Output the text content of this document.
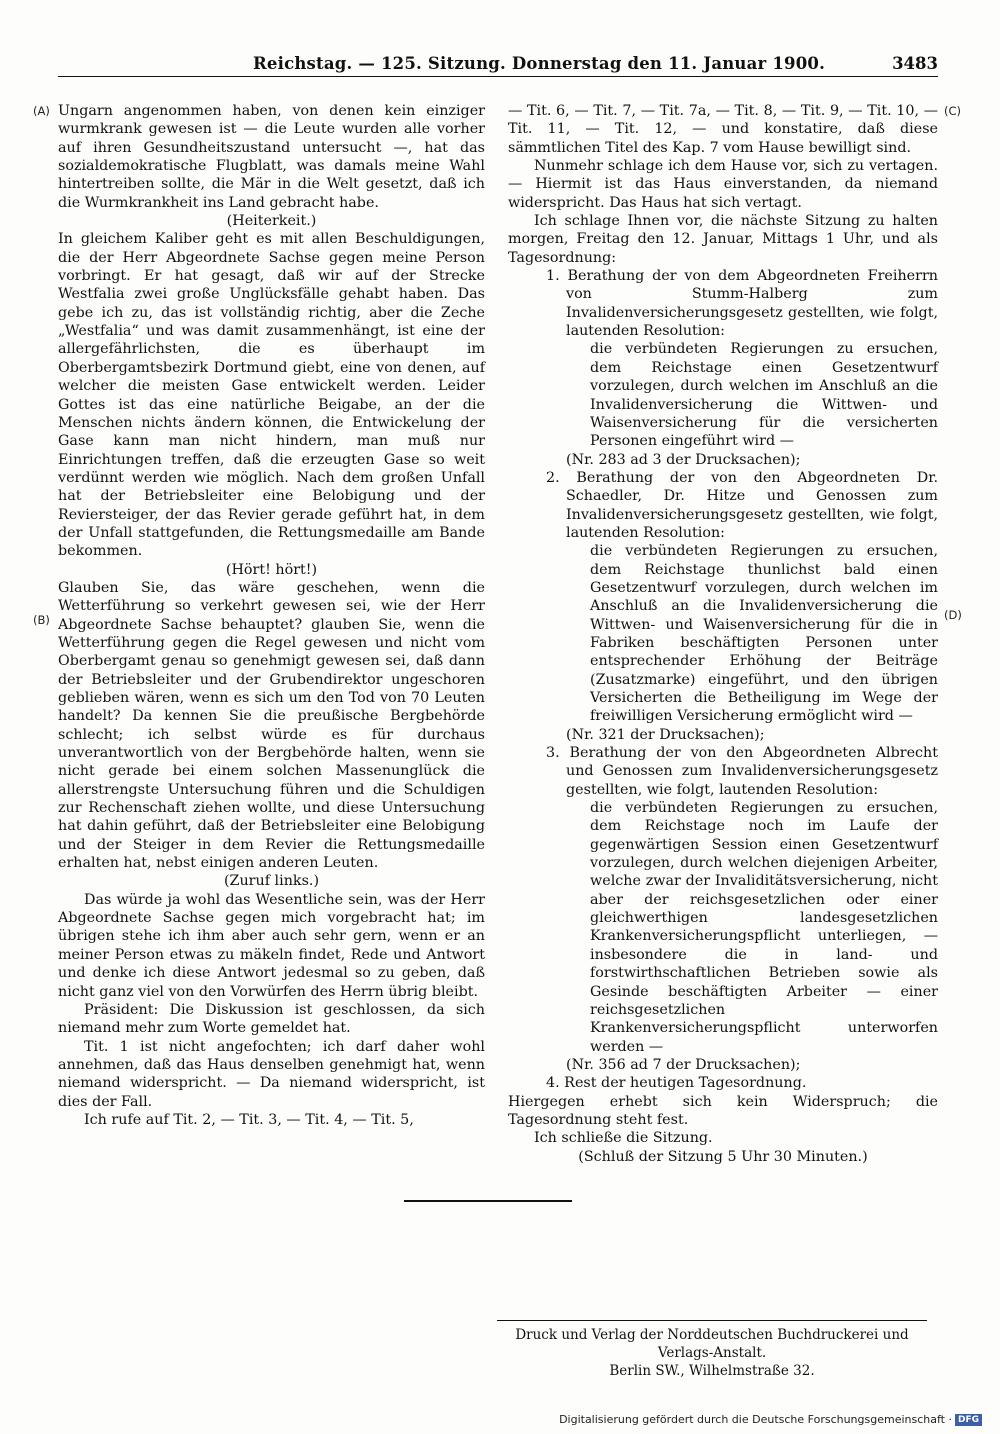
Reichstag. — 125. Sitzung. Donnerstag den 11. Januar 1900.	3483
(A)
(B)
(C)
(D)

Ungarn angenommen haben, von denen kein einziger wurmkrank gewesen ist — die Leute wurden alle vorher auf ihren Gesundheitszustand untersucht —, hat das sozialdemokratische Flugblatt, was damals meine Wahl hintertreiben sollte, die Mär in die Welt gesetzt, daß ich die Wurmkrankheit ins Land gebracht habe.

(Heiterkeit.)

In gleichem Kaliber geht es mit allen Beschuldigungen, die der Herr Abgeordnete Sachse gegen meine Person vorbringt. Er hat gesagt, daß wir auf der Strecke Westfalia zwei große Unglücksfälle gehabt haben. Das gebe ich zu, das ist vollständig richtig, aber die Zeche „Westfalia“ und was damit zusammenhängt, ist eine der allergefährlichsten, die es überhaupt im Oberbergamtsbezirk Dortmund giebt, eine von denen, auf welcher die meisten Gase entwickelt werden. Leider Gottes ist das eine natürliche Beigabe, an der die Menschen nichts ändern können, die Entwickelung der Gase kann man nicht hindern, man muß nur Einrichtungen treffen, daß die erzeugten Gase so weit verdünnt werden wie möglich. Nach dem großen Unfall hat der Betriebsleiter eine Belobigung und der Reviersteiger, der das Revier gerade geführt hat, in dem der Unfall stattgefunden, die Rettungsmedaille am Bande bekommen.

(Hört! hört!)

Glauben Sie, das wäre geschehen, wenn die Wetterführung so verkehrt gewesen sei, wie der Herr Abgeordnete Sachse behauptet? glauben Sie, wenn die Wetterführung gegen die Regel gewesen und nicht vom Oberbergamt genau so genehmigt gewesen sei, daß dann der Betriebsleiter und der Grubendirektor ungeschoren geblieben wären, wenn es sich um den Tod von 70 Leuten handelt? Da kennen Sie die preußische Bergbehörde schlecht; ich selbst würde es für durchaus unverantwortlich von der Bergbehörde halten, wenn sie nicht gerade bei einem solchen Massenunglück die allerstrengste Untersuchung führen und die Schuldigen zur Rechenschaft ziehen wollte, und diese Untersuchung hat dahin geführt, daß der Betriebsleiter eine Belobigung und der Steiger in dem Revier die Rettungsmedaille erhalten hat, nebst einigen anderen Leuten.

(Zuruf links.)

Das würde ja wohl das Wesentliche sein, was der Herr Abgeordnete Sachse gegen mich vorgebracht hat; im übrigen stehe ich ihm aber auch sehr gern, wenn er an meiner Person etwas zu mäkeln findet, Rede und Antwort und denke ich diese Antwort jedesmal so zu geben, daß nicht ganz viel von den Vorwürfen des Herrn übrig bleibt.

Präsident: Die Diskussion ist geschlossen, da sich niemand mehr zum Worte gemeldet hat.

Tit. 1 ist nicht angefochten; ich darf daher wohl annehmen, daß das Haus denselben genehmigt hat, wenn niemand widerspricht. — Da niemand widerspricht, ist dies der Fall.

Ich rufe auf Tit. 2, — Tit. 3, — Tit. 4, — Tit. 5,

— Tit. 6, — Tit. 7, — Tit. 7a, — Tit. 8, — Tit. 9, — Tit. 10, — Tit. 11, — Tit. 12, — und konstatire, daß diese sämmtlichen Titel des Kap. 7 vom Hause bewilligt sind.

Nunmehr schlage ich dem Hause vor, sich zu vertagen. — Hiermit ist das Haus einverstanden, da niemand widerspricht. Das Haus hat sich vertagt.

Ich schlage Ihnen vor, die nächste Sitzung zu halten morgen, Freitag den 12. Januar, Mittags 1 Uhr, und als Tagesordnung:

1. Berathung der von dem Abgeordneten Freiherrn von Stumm-Halberg zum Invalidenversicherungsgesetz gestellten, wie folgt, lautenden Resolution:

die verbündeten Regierungen zu ersuchen, dem Reichstage einen Gesetzentwurf vorzulegen, durch welchen im Anschluß an die Invalidenversicherung die Wittwen- und Waisenversicherung für die versicherten Personen eingeführt wird —

(Nr. 283 ad 3 der Drucksachen);

2. Berathung der von den Abgeordneten Dr. Schaedler, Dr. Hitze und Genossen zum Invalidenversicherungsgesetz gestellten, wie folgt, lautenden Resolution:

die verbündeten Regierungen zu ersuchen, dem Reichstage thunlichst bald einen Gesetzentwurf vorzulegen, durch welchen im Anschluß an die Invalidenversicherung die Wittwen- und Waisenversicherung für die in Fabriken beschäftigten Personen unter entsprechender Erhöhung der Beiträge (Zusatzmarke) eingeführt, und den übrigen Versicherten die Betheiligung im Wege der freiwilligen Versicherung ermöglicht wird —

(Nr. 321 der Drucksachen);

3. Berathung der von den Abgeordneten Albrecht und Genossen zum Invalidenversicherungsgesetz gestellten, wie folgt, lautenden Resolution:

die verbündeten Regierungen zu ersuchen, dem Reichstage noch im Laufe der gegenwärtigen Session einen Gesetzentwurf vorzulegen, durch welchen diejenigen Arbeiter, welche zwar der Invaliditätsversicherung, nicht aber der reichsgesetzlichen oder einer gleichwerthigen landesgesetzlichen Krankenversicherungspflicht unterliegen, — insbesondere die in land- und forstwirthschaftlichen Betrieben sowie als Gesinde beschäftigten Arbeiter — einer reichsgesetzlichen Krankenversicherungspflicht unterworfen werden —

(Nr. 356 ad 7 der Drucksachen);

4. Rest der heutigen Tagesordnung.

Hiergegen erhebt sich kein Widerspruch; die Tagesordnung steht fest.

Ich schließe die Sitzung.

(Schluß der Sitzung 5 Uhr 30 Minuten.)

Druck und Verlag der Norddeutschen Buchdruckerei und Verlags-Anstalt.
Berlin SW., Wilhelmstraße 32.
Digitalisierung gefördert durch die Deutsche Forschungsgemeinschaft · DFG
